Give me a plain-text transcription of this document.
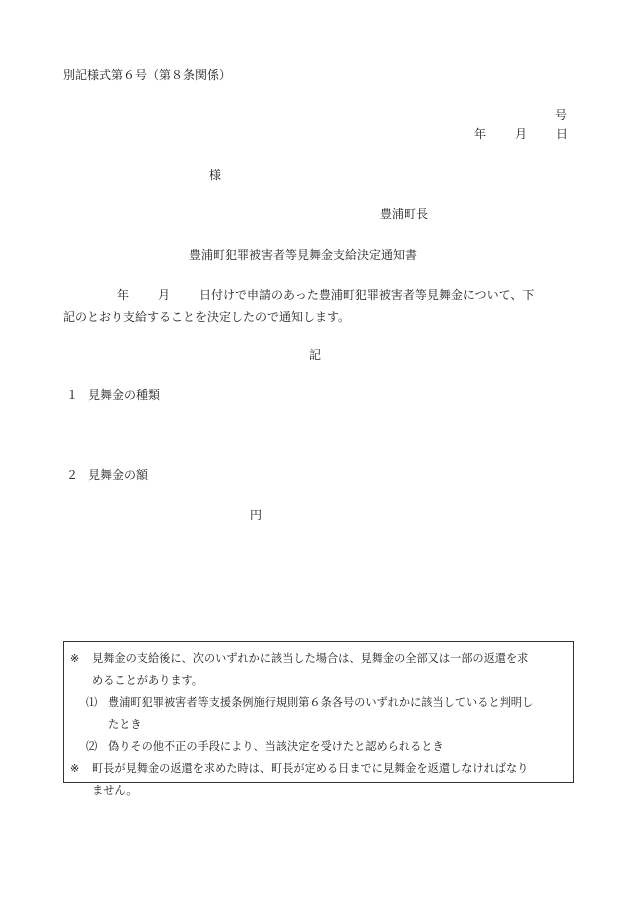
別記様式第６号（第８条関係）
号
年 月 日
様
豊浦町長
豊浦町犯罪被害者等見舞金支給決定通知書
年 月 日付けで申請のあった豊浦町犯罪被害者等見舞金について、下
記のとおり支給することを決定したので通知します。
記
１ 見舞金の種類
２ 見舞金の額
円
※ 見舞金の支給後に、次のいずれかに該当した場合は、見舞金の全部又は一部の返還を求
めることがあります。
⑴ 豊浦町犯罪被害者等支援条例施行規則第６条各号のいずれかに該当していると判明し
たとき
⑵ 偽りその他不正の手段により、当該決定を受けたと認められるとき
※ 町長が見舞金の返還を求めた時は、町長が定める日までに見舞金を返還しなければなり
ません。
